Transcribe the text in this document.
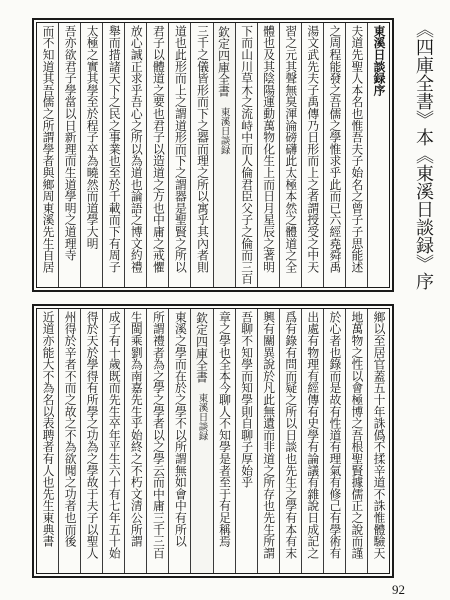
東溪日談録序
夫道先聖人本名也惟吾夫子始名之曾子子思能述
之周程能發之吾儒之學惟求乎此而已六經堯舜禹
湯文武先夫子禹傳乃日形而上之者謂授受之中天
習之元其聲無臭渾淪磅礴此太極本然之體道之全
體也及其陰陽運動萬物化生上而日月星辰之著明
下而山川草木之流峙中而人倫君臣父子之倫而三百
欽定四庫全書東溪日談録
三千之儀皆形而下之器而理之所以寓乎其內者則
道也此形而上之謂道形而下之謂器是聖賢之所以
君子以體道之要也君子以造道之方也中庸之戒懼
放心誠正求乎吾心之所以為道也論語之博文約禮
舉而措諸天下之民之事業也至於千載而下有周子
太極之實其學至於程子卒為曉然而道學大明
吾亦欲君子學當以日新理而生道學明之道理寺
而不知道其吾儒之所謂學者與鄉周東溪先生自居
鄉以至居官蓋五十年誅僞不揉辛道不誅惟體驗天
地萬物之性以會極博之吾根聖賢據儒正之說而謹
於心者也錄而是故有性道有理氣有修己有學術有
出處有物理有經傳有史學有論議有雜說日成記之
爲有錄有問而疑之所以日談也先生之學有本有末
興有關異說於凡此無遺而非道之所存也先生所謂
吾聊不知學而知學則自聊子厚始乎
章之學也全本今聊人不知學是者至于有足稱焉
欽定四庫全書東溪日談録
東溪之學而在於之學不以所謂無如會中有所以
所謂禮者為之學之學者以之學云而中庸三千三百
生閩乘劉為南嘉先生乎始終之不朽文清公所謂
成子有十歲既而先生卒年平生六十有七年五十始
得於天於學得有所學之功為之學故于夫子以聖人
州得於辛者不而之故之不為欲聞之功者也而後
近道亦能大不為名以表聘者有人也先生東典書
《四庫全書》本《東溪日談録》序
92
